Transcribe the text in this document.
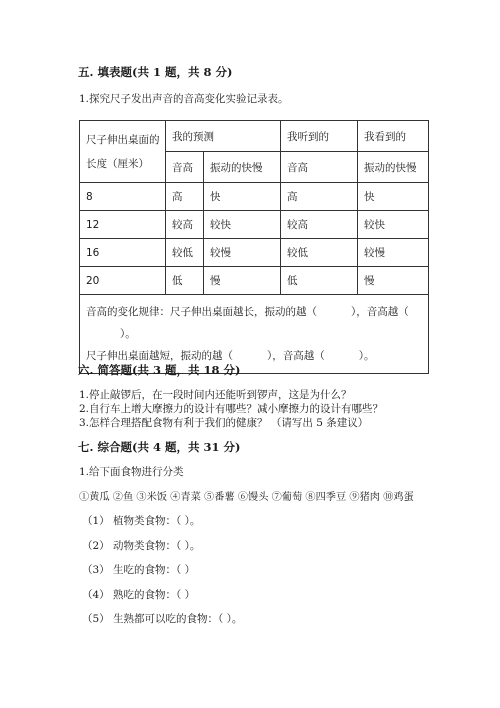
五. 填表题(共 1 题，共 8 分)
1.探究尺子发出声音的音高变化实验记录表。
尺子伸出桌面的长度（厘米）	我的预测		我听到的	我看到的
	音高	振动的快慢	音高	振动的快慢
8	高	快	高	快
12	较高	较快	较高	较快
16	较低	较慢	较低	较慢
20	低	慢	低	慢

音高的变化规律：尺子伸出桌面越长，振动的越（ ），音高越（）。
尺子伸出桌面越短，振动的越（ ），音高越（ ）。				
六. 简答题(共 3 题，共 18 分)
1.停止敲锣后，在一段时间内还能听到锣声，这是为什么？
2.自行车上增大摩擦力的设计有哪些？减小摩擦力的设计有哪些？
3.怎样合理搭配食物有利于我们的健康？ （请写出 5 条建议）
七. 综合题(共 4 题，共 31 分)
1.给下面食物进行分类
①黄瓜 ②鱼 ③米饭 ④青菜 ⑤番薯 ⑥馒头 ⑦葡萄 ⑧四季豆 ⑨猪肉 ⑩鸡蛋
（1） 植物类食物：（ ）。
（2） 动物类食物：（ ）。
（3） 生吃的食物：（ ）
（4） 熟吃的食物：（ ）
（5） 生熟都可以吃的食物：（ ）。
